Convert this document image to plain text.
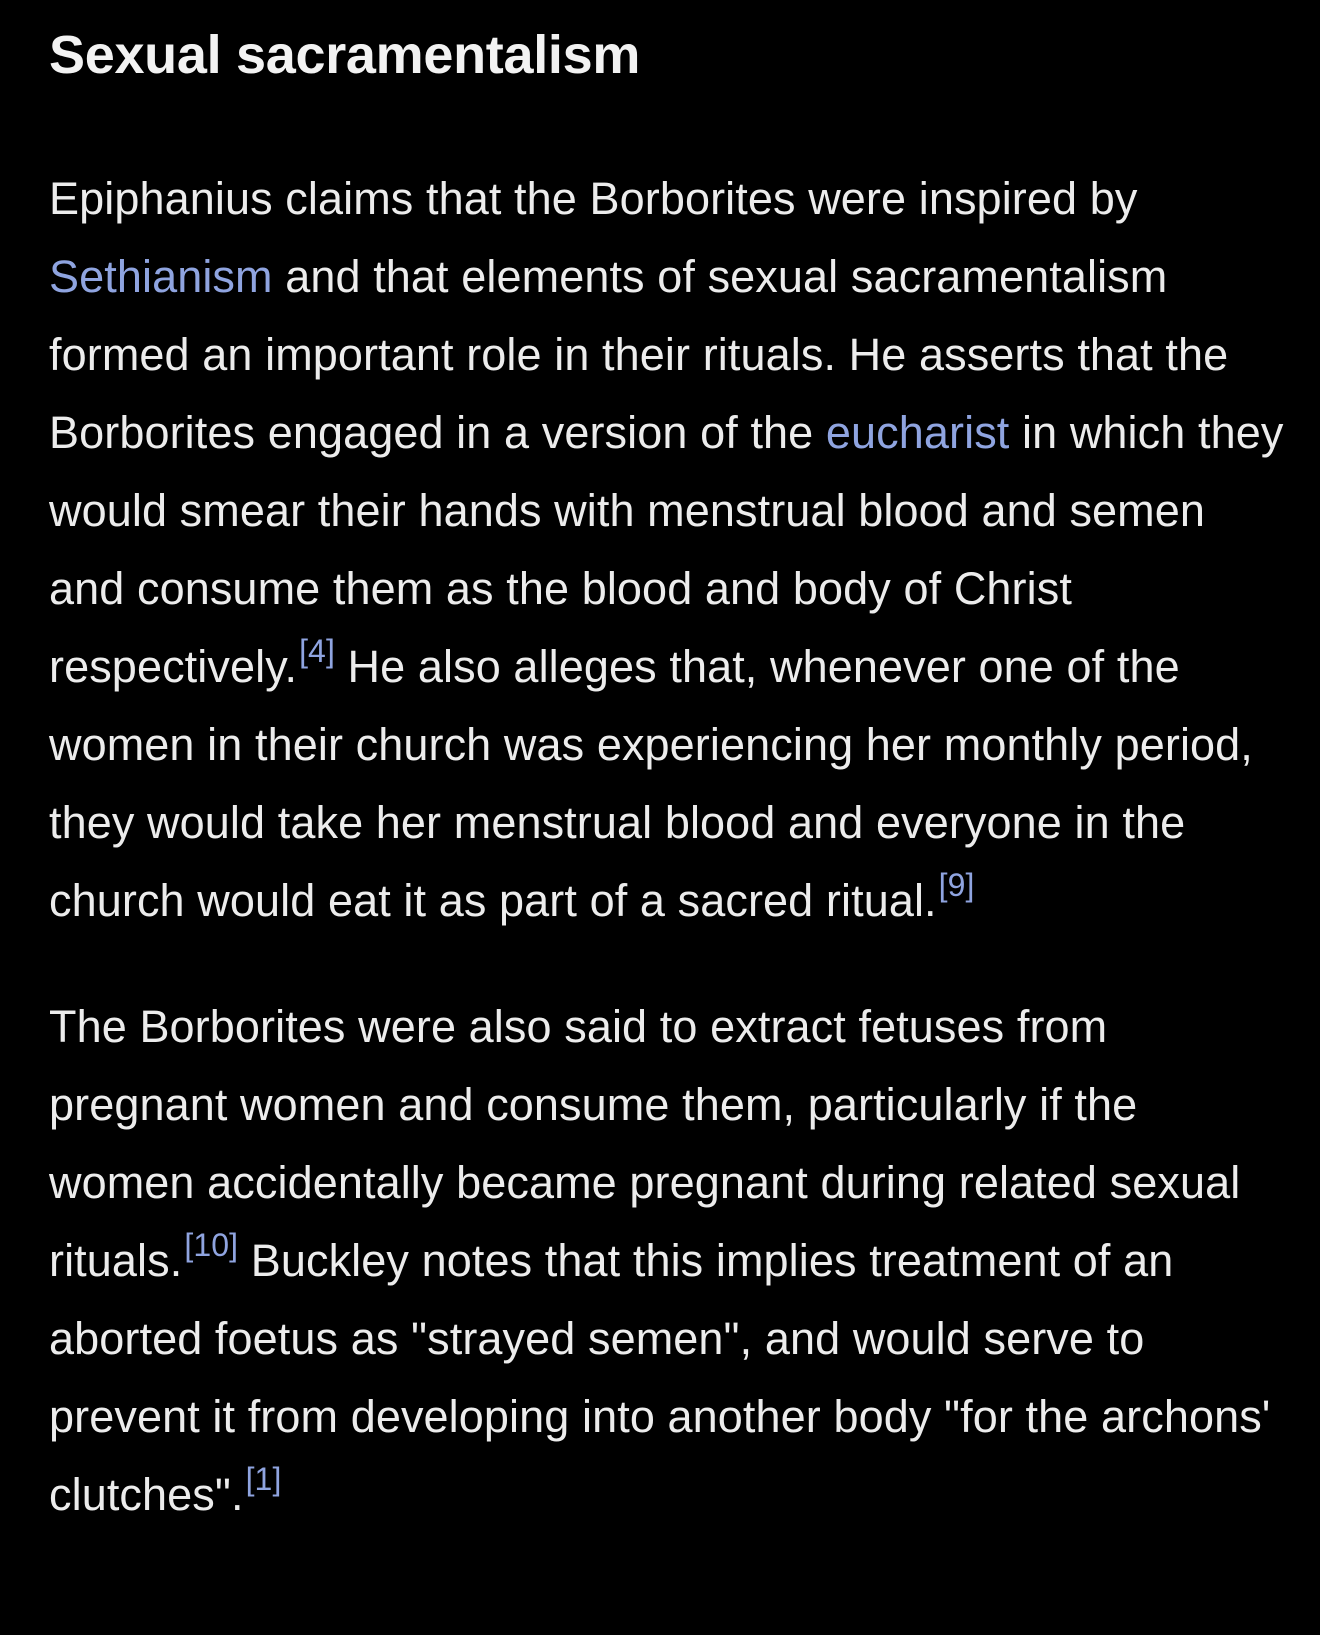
Sexual sacramentalism

Epiphanius claims that the Borborites were inspired by Sethianism and that elements of sexual sacramentalism formed an important role in their rituals. He asserts that the Borborites engaged in a version of the eucharist in which they would smear their hands with menstrual blood and semen and consume them as the blood and body of Christ respectively.[4] He also alleges that, whenever one of the women in their church was experiencing her monthly period, they would take her menstrual blood and everyone in the church would eat it as part of a sacred ritual.[9]

The Borborites were also said to extract fetuses from pregnant women and consume them, particularly if the women accidentally became pregnant during related sexual rituals.[10] Buckley notes that this implies treatment of an aborted foetus as "strayed semen", and would serve to prevent it from developing into another body "for the archons' clutches".[1]
